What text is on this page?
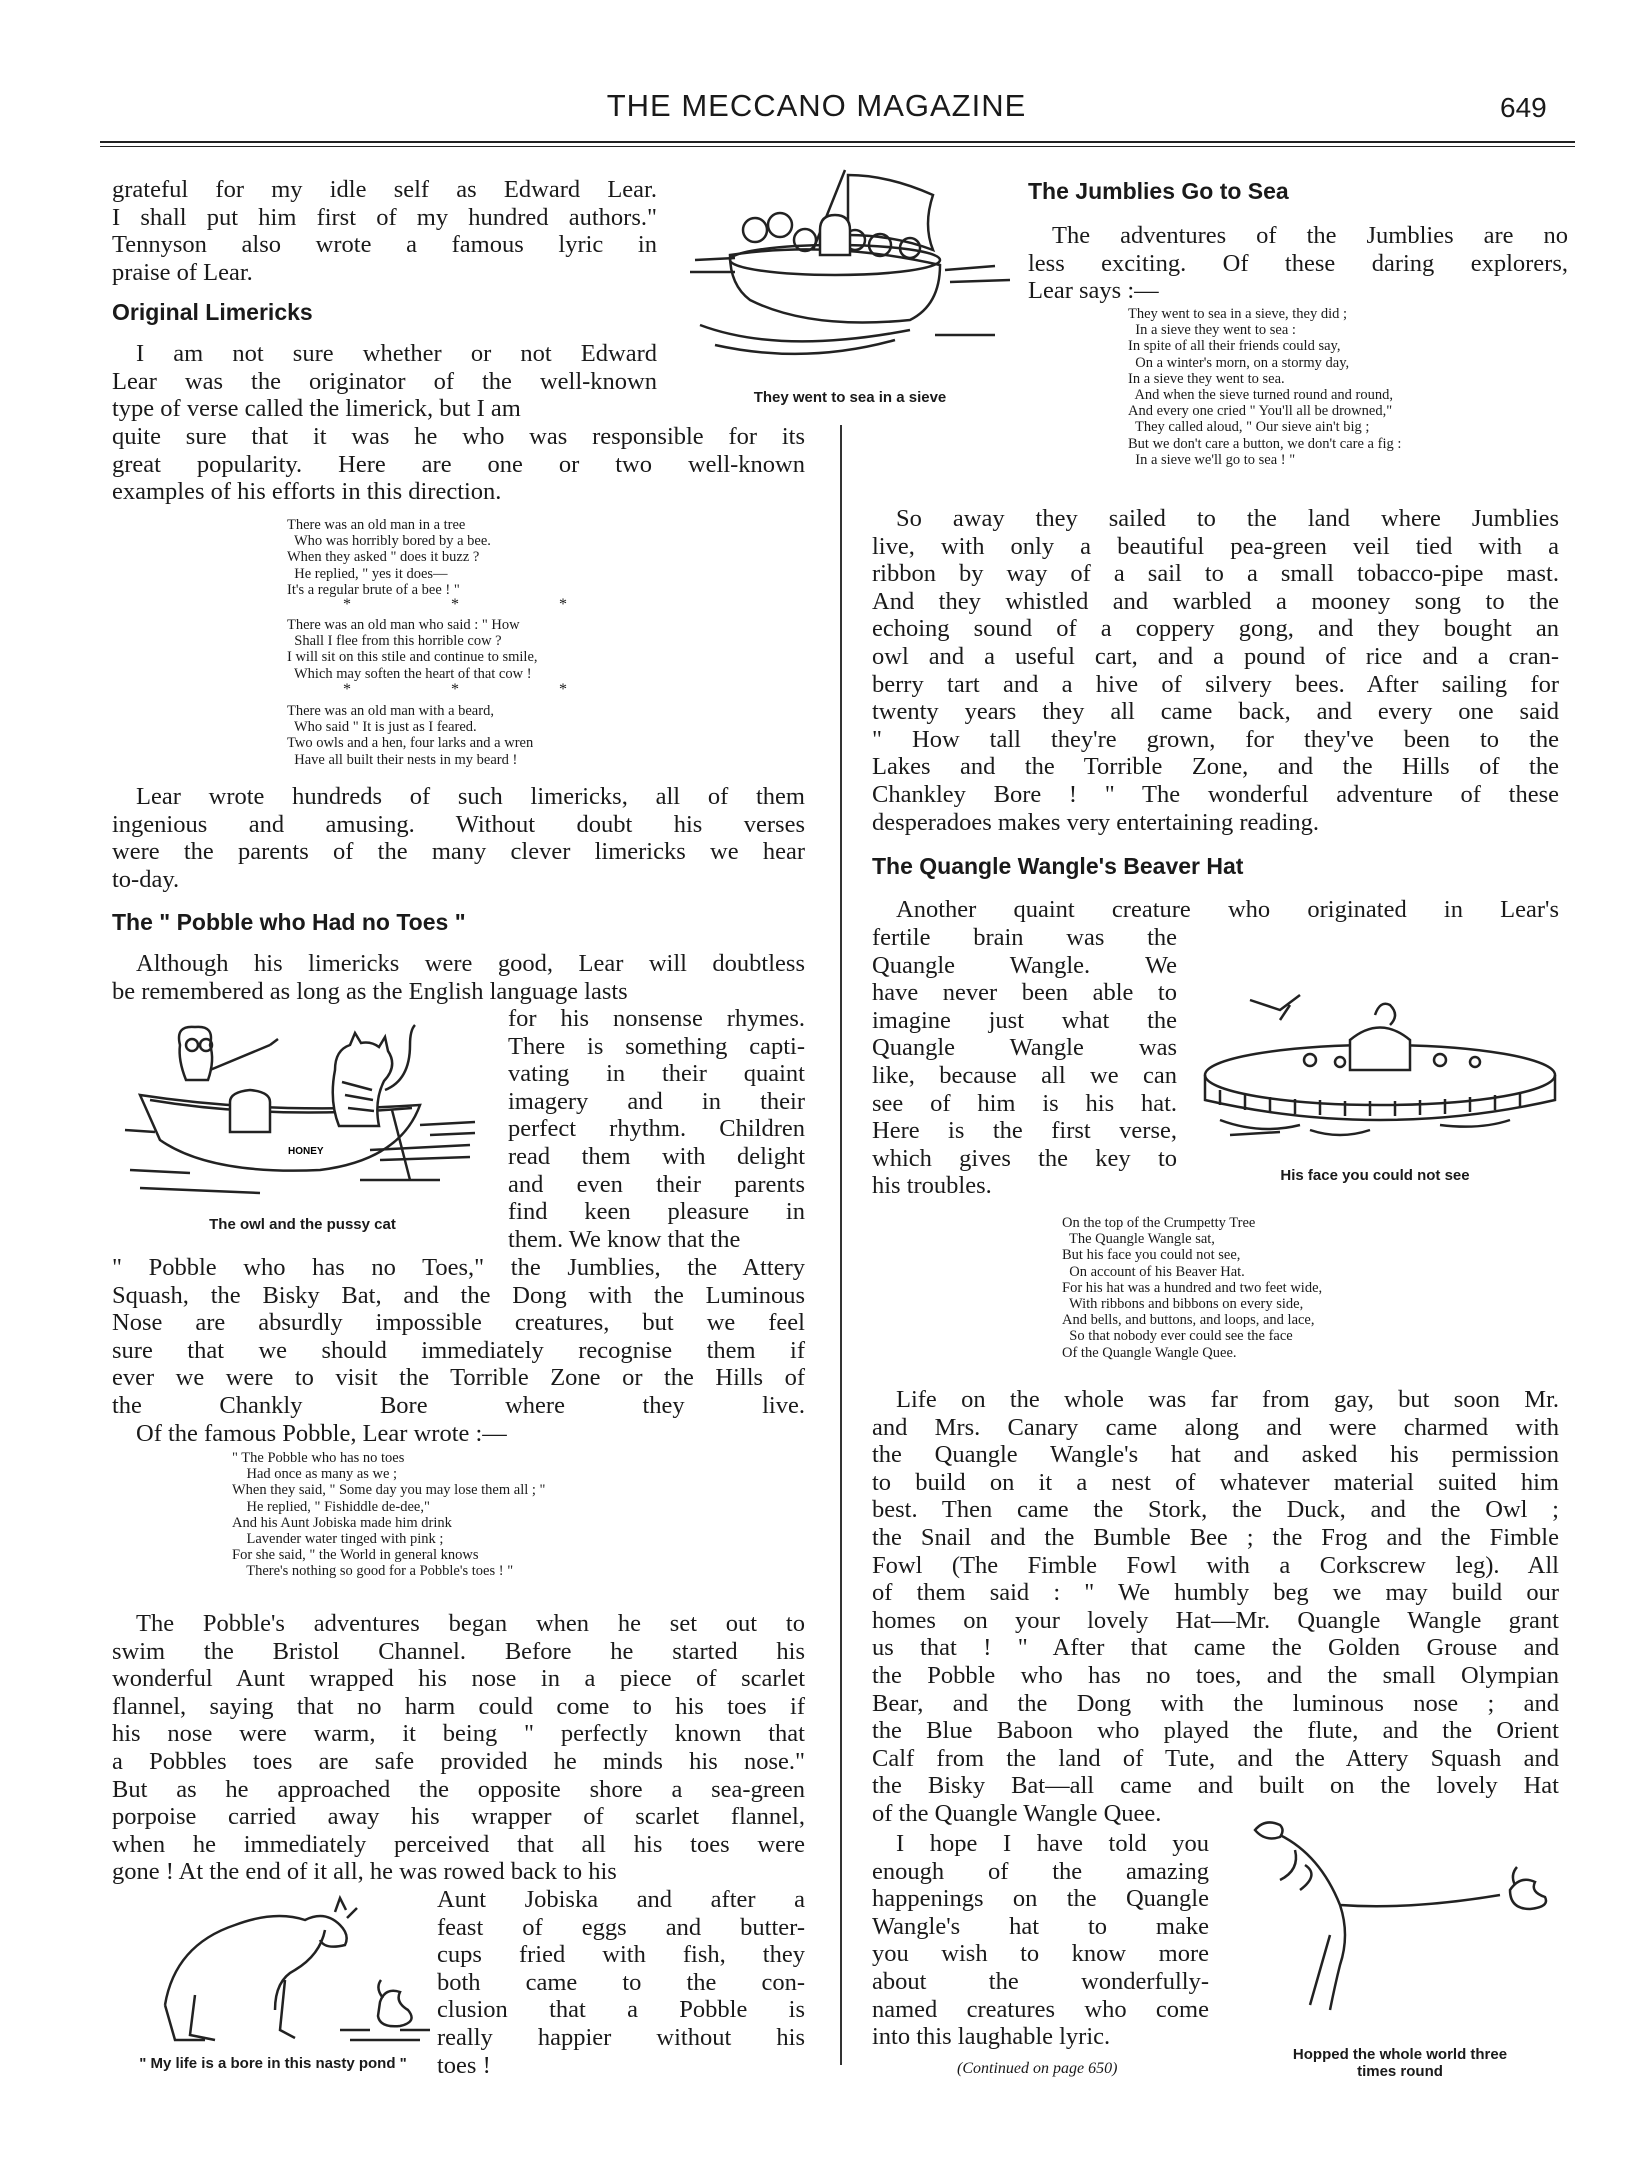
THE MECCANO MAGAZINE	649
grateful for my idle self as Edward Lear.
I shall put him first of my hundred authors."
Tennyson also wrote a famous lyric in
praise of Lear.
Original Limericks
I am not sure whether or not Edward
Lear was the originator of the well-known
type of verse called the limerick, but I am
quite sure that it was he who was responsible for its
great popularity. Here are one or two well-known
examples of his efforts in this direction.
There was an old man in a tree
Who was horribly bored by a bee.
When they asked " does it buzz ?
He replied, " yes it does—
It's a regular brute of a bee ! "
* * *
There was an old man who said : " How
Shall I flee from this horrible cow ?
I will sit on this stile and continue to smile,
Which may soften the heart of that cow !
* * *
There was an old man with a beard,
Who said " It is just as I feared.
Two owls and a hen, four larks and a wren
Have all built their nests in my beard !
Lear wrote hundreds of such limericks, all of them
ingenious and amusing. Without doubt his verses
were the parents of the many clever limericks we hear
to-day.
The " Pobble who Had no Toes "
Although his limericks were good, Lear will doubtless
be remembered as long as the English language lasts
for his nonsense rhymes.
There is something capti-
vating in their quaint
imagery and in their
perfect rhythm. Children
read them with delight
and even their parents
find keen pleasure in
them. We know that the
HONEY
The owl and the pussy cat
" Pobble who has no Toes," the Jumblies, the Attery
Squash, the Bisky Bat, and the Dong with the Luminous
Nose are absurdly impossible creatures, but we feel
sure that we should immediately recognise them if
ever we were to visit the Torrible Zone or the Hills of
the Chankly Bore where they live.
Of the famous Pobble, Lear wrote :—
" The Pobble who has no toes
Had once as many as we ;
When they said, " Some day you may lose them all ; "
He replied, " Fishiddle de-dee,"
And his Aunt Jobiska made him drink
Lavender water tinged with pink ;
For she said, " the World in general knows
There's nothing so good for a Pobble's toes ! "
The Pobble's adventures began when he set out to
swim the Bristol Channel. Before he started his
wonderful Aunt wrapped his nose in a piece of scarlet
flannel, saying that no harm could come to his toes if
his nose were warm, it being " perfectly known that
a Pobbles toes are safe provided he minds his nose."
But as he approached the opposite shore a sea-green
porpoise carried away his wrapper of scarlet flannel,
when he immediately perceived that all his toes were
gone ! At the end of it all, he was rowed back to his
Aunt Jobiska and after a
feast of eggs and butter-
cups fried with fish, they
both came to the con-
clusion that a Pobble is
really happier without his
toes !
" My life is a bore in this nasty pond "
They went to sea in a sieve
The Jumblies Go to Sea
The adventures of the Jumblies are no
less exciting. Of these daring explorers,
Lear says :—
They went to sea in a sieve, they did ;
In a sieve they went to sea :
In spite of all their friends could say,
On a winter's morn, on a stormy day,
In a sieve they went to sea.
And when the sieve turned round and round,
And every one cried " You'll all be drowned,"
They called aloud, " Our sieve ain't big ;
But we don't care a button, we don't care a fig :
In a sieve we'll go to sea ! "
So away they sailed to the land where Jumblies
live, with only a beautiful pea-green veil tied with a
ribbon by way of a sail to a small tobacco-pipe mast.
And they whistled and warbled a mooney song to the
echoing sound of a coppery gong, and they bought an
owl and a useful cart, and a pound of rice and a cran-
berry tart and a hive of silvery bees. After sailing for
twenty years they all came back, and every one said
" How tall they're grown, for they've been to the
Lakes and the Torrible Zone, and the Hills of the
Chankley Bore ! " The wonderful adventure of these
desperadoes makes very entertaining reading.
The Quangle Wangle's Beaver Hat
Another quaint creature who originated in Lear's
fertile brain was the
Quangle Wangle. We
have never been able to
imagine just what the
Quangle Wangle was
like, because all we can
see of him is his hat.
Here is the first verse,
which gives the key to
his troubles.	His face you could not see
On the top of the Crumpetty Tree
The Quangle Wangle sat,
But his face you could not see,
On account of his Beaver Hat.
For his hat was a hundred and two feet wide,
With ribbons and bibbons on every side,
And bells, and buttons, and loops, and lace,
So that nobody ever could see the face
Of the Quangle Wangle Quee.
Life on the whole was far from gay, but soon Mr.
and Mrs. Canary came along and were charmed with
the Quangle Wangle's hat and asked his permission
to build on it a nest of whatever material suited him
best. Then came the Stork, the Duck, and the Owl ;
the Snail and the Bumble Bee ; the Frog and the Fimble
Fowl (The Fimble Fowl with a Corkscrew leg). All
of them said : " We humbly beg we may build our
homes on your lovely Hat—Mr. Quangle Wangle grant
us that ! " After that came the Golden Grouse and
the Pobble who has no toes, and the small Olympian
Bear, and the Dong with the luminous nose ; and
the Blue Baboon who played the flute, and the Orient
Calf from the land of Tute, and the Attery Squash and
the Bisky Bat—all came and built on the lovely Hat
of the Quangle Wangle Quee.
I hope I have told you
enough of the amazing
happenings on the Quangle
Wangle's hat to make
you wish to know more
about the wonderfully-
named creatures who come
into this laughable lyric.
Hopped the whole world three
times round
(Continued on page 650)
